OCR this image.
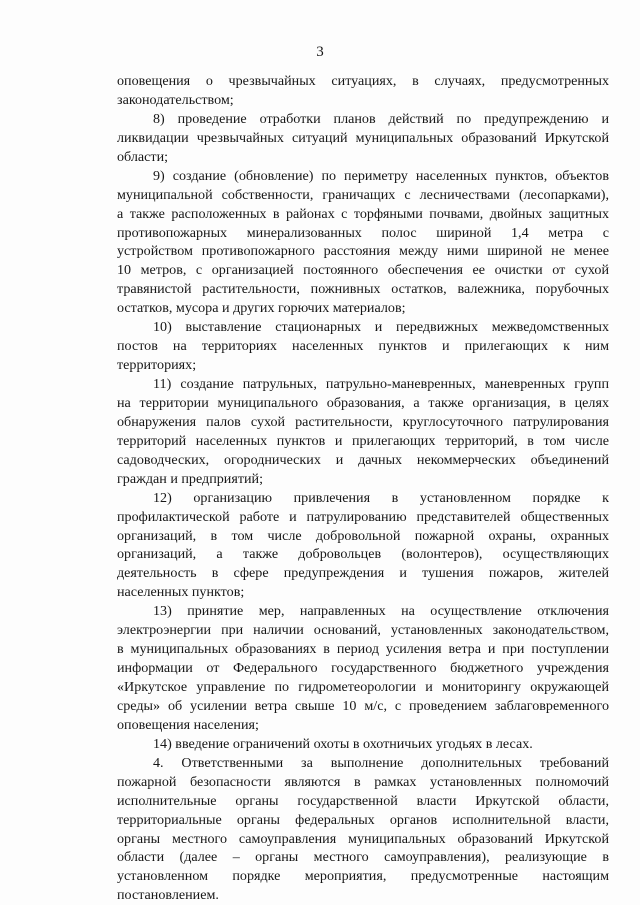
3
оповещения о чрезвычайных ситуациях, в случаях, предусмотренных
законодательством;
8) проведение отработки планов действий по предупреждению и
ликвидации чрезвычайных ситуаций муниципальных образований Иркутской
области;
9) создание (обновление) по периметру населенных пунктов, объектов
муниципальной собственности, граничащих с лесничествами (лесопарками),
а также расположенных в районах с торфяными почвами, двойных защитных
противопожарных минерализованных полос шириной 1,4 метра с
устройством противопожарного расстояния между ними шириной не менее
10 метров, с организацией постоянного обеспечения ее очистки от сухой
травянистой растительности, пожнивных остатков, валежника, порубочных
остатков, мусора и других горючих материалов;
10) выставление стационарных и передвижных межведомственных
постов на территориях населенных пунктов и прилегающих к ним
территориях;
11) создание патрульных, патрульно-маневренных, маневренных групп
на территории муниципального образования, а также организация, в целях
обнаружения палов сухой растительности, круглосуточного патрулирования
территорий населенных пунктов и прилегающих территорий, в том числе
садоводческих, огороднических и дачных некоммерческих объединений
граждан и предприятий;
12) организацию привлечения в установленном порядке к
профилактической работе и патрулированию представителей общественных
организаций, в том числе добровольной пожарной охраны, охранных
организаций, а также добровольцев (волонтеров), осуществляющих
деятельность в сфере предупреждения и тушения пожаров, жителей
населенных пунктов;
13) принятие мер, направленных на осуществление отключения
электроэнергии при наличии оснований, установленных законодательством,
в муниципальных образованиях в период усиления ветра и при поступлении
информации от Федерального государственного бюджетного учреждения
«Иркутское управление по гидрометеорологии и мониторингу окружающей
среды» об усилении ветра свыше 10 м/с, с проведением заблаговременного
оповещения населения;
14) введение ограничений охоты в охотничьих угодьях в лесах.
4. Ответственными за выполнение дополнительных требований
пожарной безопасности являются в рамках установленных полномочий
исполнительные органы государственной власти Иркутской области,
территориальные органы федеральных органов исполнительной власти,
органы местного самоуправления муниципальных образований Иркутской
области (далее – органы местного самоуправления), реализующие в
установленном порядке мероприятия, предусмотренные настоящим
постановлением.
